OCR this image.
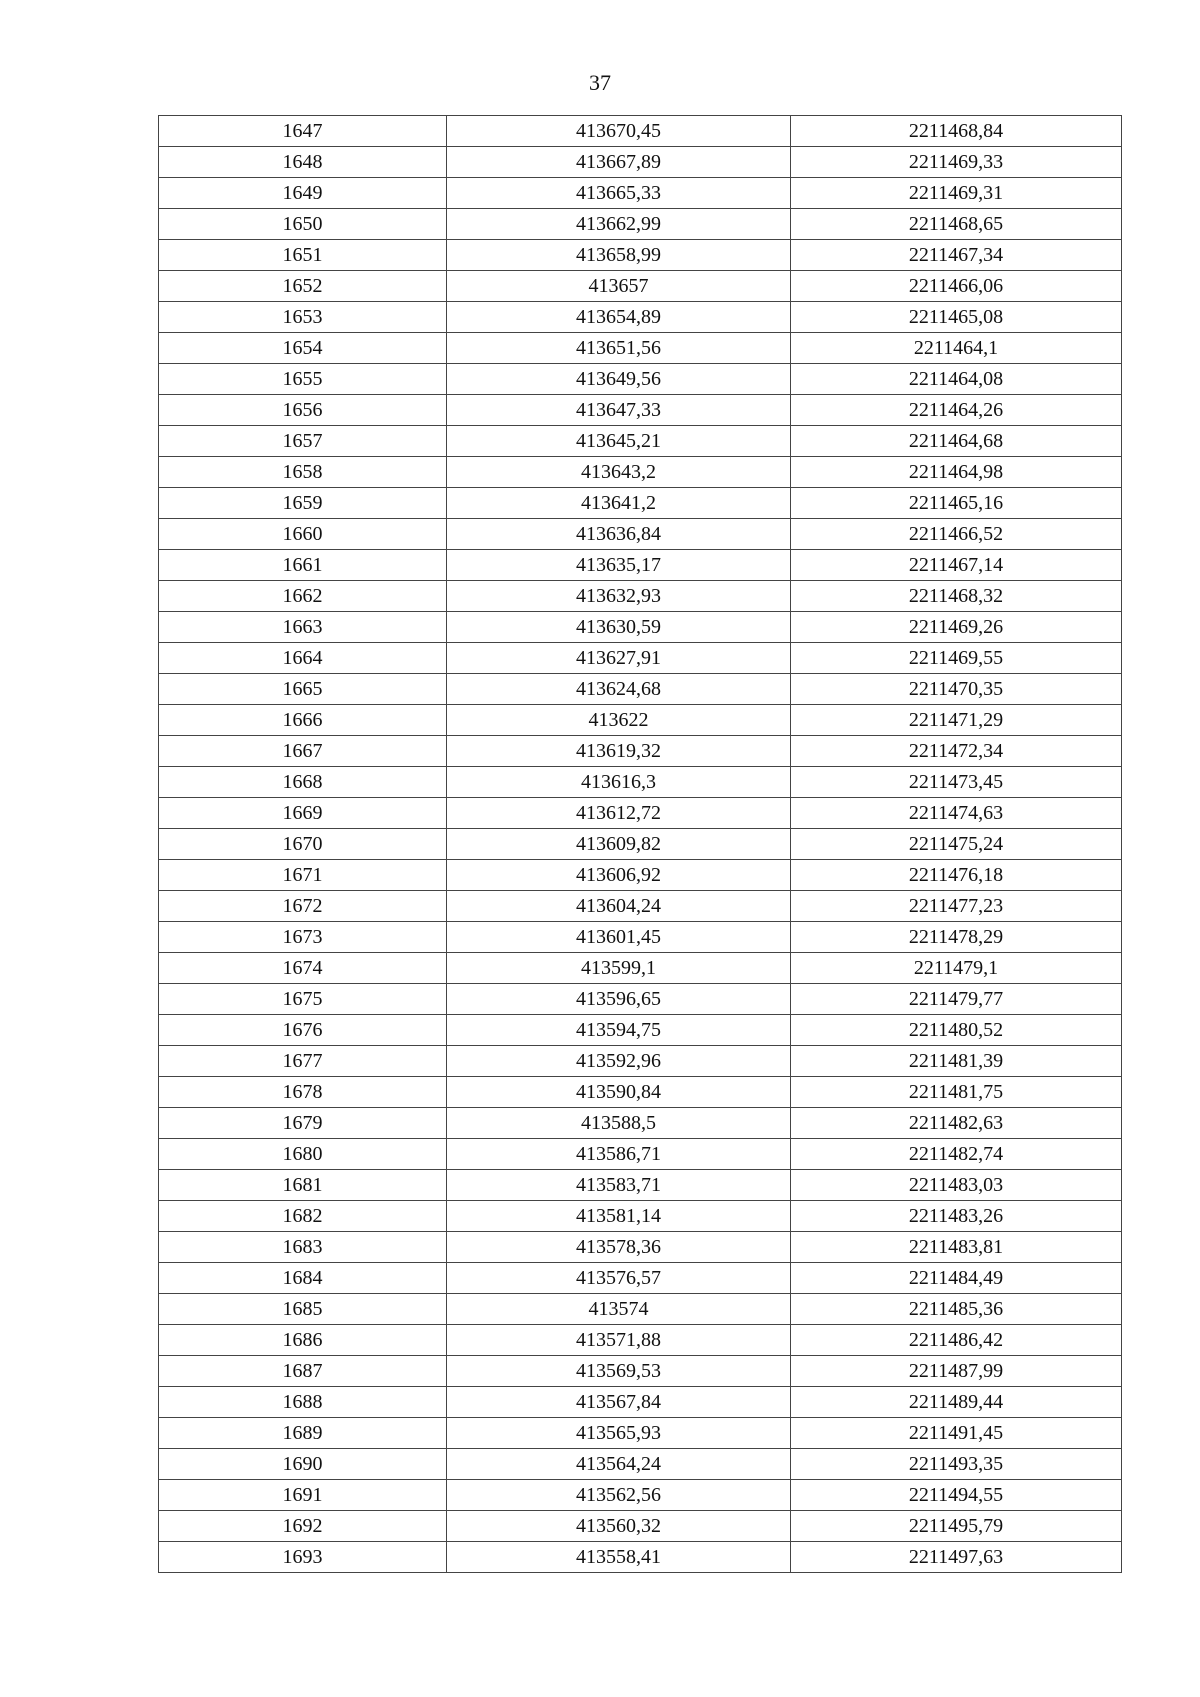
37
1647	413670,45	2211468,84
1648	413667,89	2211469,33
1649	413665,33	2211469,31
1650	413662,99	2211468,65
1651	413658,99	2211467,34
1652	413657	2211466,06
1653	413654,89	2211465,08
1654	413651,56	2211464,1
1655	413649,56	2211464,08
1656	413647,33	2211464,26
1657	413645,21	2211464,68
1658	413643,2	2211464,98
1659	413641,2	2211465,16
1660	413636,84	2211466,52
1661	413635,17	2211467,14
1662	413632,93	2211468,32
1663	413630,59	2211469,26
1664	413627,91	2211469,55
1665	413624,68	2211470,35
1666	413622	2211471,29
1667	413619,32	2211472,34
1668	413616,3	2211473,45
1669	413612,72	2211474,63
1670	413609,82	2211475,24
1671	413606,92	2211476,18
1672	413604,24	2211477,23
1673	413601,45	2211478,29
1674	413599,1	2211479,1
1675	413596,65	2211479,77
1676	413594,75	2211480,52
1677	413592,96	2211481,39
1678	413590,84	2211481,75
1679	413588,5	2211482,63
1680	413586,71	2211482,74
1681	413583,71	2211483,03
1682	413581,14	2211483,26
1683	413578,36	2211483,81
1684	413576,57	2211484,49
1685	413574	2211485,36
1686	413571,88	2211486,42
1687	413569,53	2211487,99
1688	413567,84	2211489,44
1689	413565,93	2211491,45
1690	413564,24	2211493,35
1691	413562,56	2211494,55
1692	413560,32	2211495,79
1693	413558,41	2211497,63
